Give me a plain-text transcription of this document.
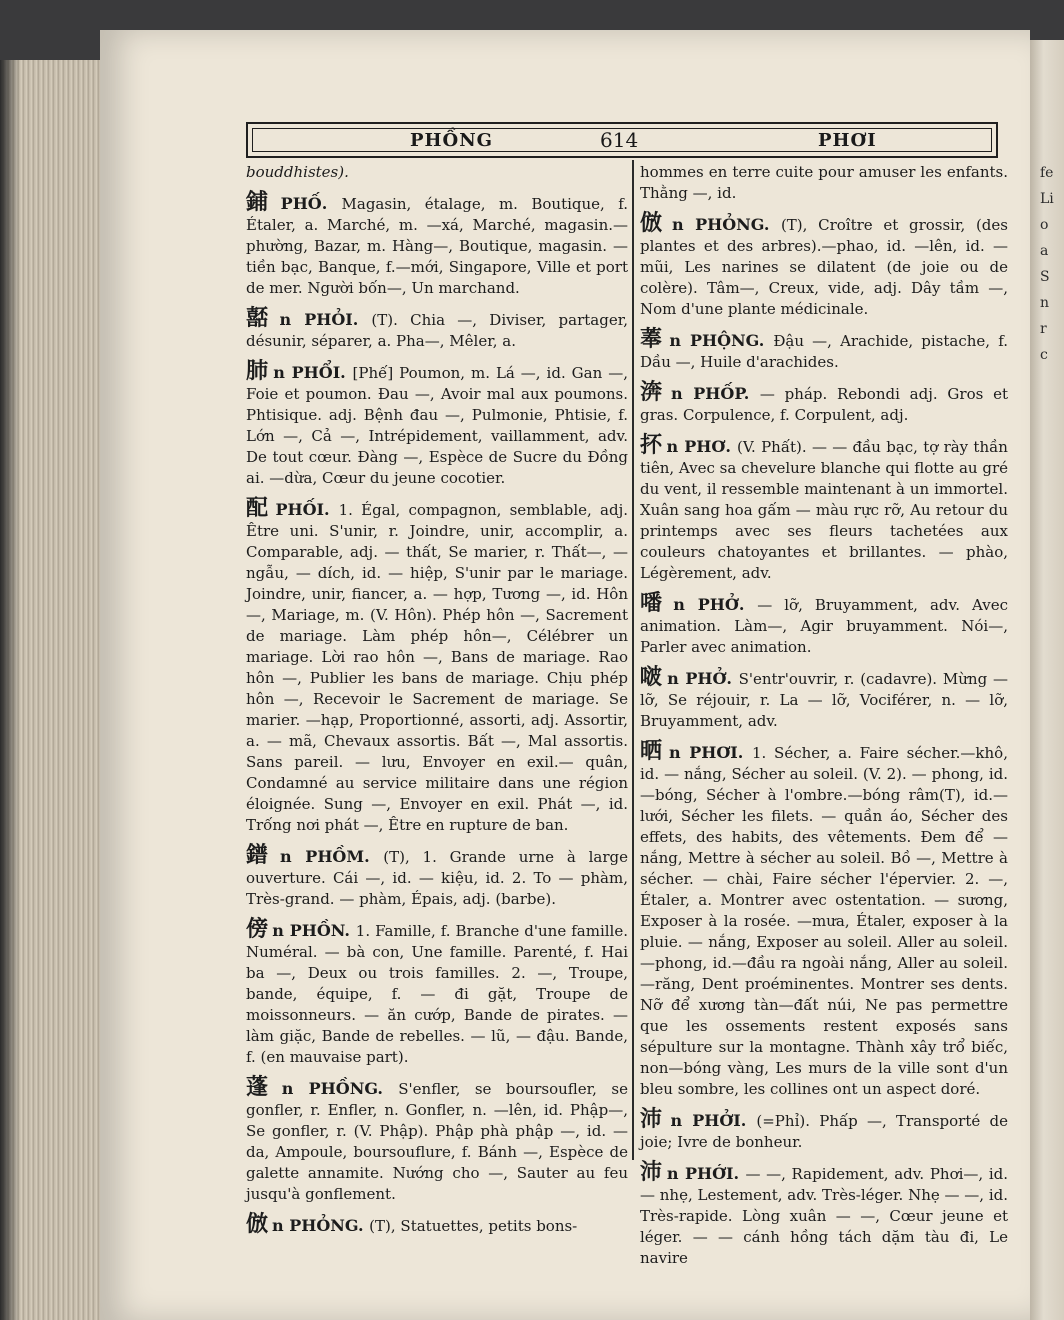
fe
Li
o
a
S
n
r
c
PHỒNG	614	PHƠI

bouddhistes).

鋪 PHỐ. Magasin, étalage, m. Boutique, f. Étaler, a. Marché, m. —xá, Marché, magasin.— phường, Bazar, m. Hàng—, Boutique, magasin. —tiền bạc, Banque, f.—mới, Singapore, Ville et port de mer. Người bốn—, Un marchand.

嚭 n PHỎI. (T). Chia —, Diviser, partager, désunir, séparer, a. Pha—, Mêler, a.

肺 n PHỔI. [Phế] Poumon, m. Lá —, id. Gan —, Foie et poumon. Đau —, Avoir mal aux poumons. Phtisique. adj. Bệnh đau —, Pulmonie, Phtisie, f. Lớn —, Cả —, Intrépidement, vaillamment, adv. De tout cœur. Đàng —, Espèce de Sucre du Đồng ai. —dừa, Cœur du jeune cocotier.

配 PHỐI. 1. Égal, compagnon, semblable, adj. Être uni. S'unir, r. Joindre, unir, accomplir, a. Comparable, adj. — thất, Se marier, r. Thất—, —ngẫu, — dích, id. — hiệp, S'unir par le mariage. Joindre, unir, fiancer, a. — hợp, Tương —, id. Hôn —, Mariage, m. (V. Hôn). Phép hôn —, Sacrement de mariage. Làm phép hôn—, Célébrer un mariage. Lời rao hôn —, Bans de mariage. Rao hôn —, Publier les bans de mariage. Chịu phép hôn —, Recevoir le Sacrement de mariage. Se marier. —hạp, Proportionné, assorti, adj. Assortir, a. — mã, Chevaux assortis. Bất —, Mal assortis. Sans pareil. — lưu, Envoyer en exil.— quân, Condamné au service militaire dans une région éloignée. Sung —, Envoyer en exil. Phát —, id. Trống nơi phát —, Être en rupture de ban.

鐠 n PHỒM. (T), 1. Grande urne à large ouverture. Cái —, id. — kiệu, id. 2. To — phàm, Très-grand. — phàm, Épais, adj. (barbe).

傍 n PHỒN. 1. Famille, f. Branche d'une famille. Numéral. — bà con, Une famille. Parenté, f. Hai ba —, Deux ou trois familles. 2. —, Troupe, bande, équipe, f. — đi gặt, Troupe de moissonneurs. — ăn cướp, Bande de pirates. — làm giặc, Bande de rebelles. — lũ, — đậu. Bande, f. (en mauvaise part).

蓬 n PHỒNG. S'enfler, se boursoufler, se gonfler, r. Enfler, n. Gonfler, n. —lên, id. Phập—, Se gonfler, r. (V. Phập). Phập phà phập —, id. — da, Ampoule, boursouflure, f. Bánh —, Espèce de galette annamite. Nướng cho —, Sauter au feu jusqu'à gonflement.

倣 n PHỎNG. (T), Statuettes, petits bons-

hommes en terre cuite pour amuser les enfants. Thằng —, id.

倣 n PHỎNG. (T), Croître et grossir, (des plantes et des arbres).—phao, id. —lên, id. —mũi, Les narines se dilatent (de joie ou de colère). Tâm—, Creux, vide, adj. Dây tầm —, Nom d'une plante médicinale.

菶 n PHỘNG. Đậu —, Arachide, pistache, f. Dầu —, Huile d'arachides.

渀 n PHỐP. — pháp. Rebondi adj. Gros et gras. Corpulence, f. Corpulent, adj.

抔 n PHƠ. (V. Phất). — — đầu bạc, tợ rày thần tiên, Avec sa chevelure blanche qui flotte au gré du vent, il ressemble maintenant à un immortel. Xuân sang hoa gấm — màu rực rỡ, Au retour du printemps avec ses fleurs tachetées aux couleurs chatoyantes et brillantes. — phào, Légèrement, adv.

噃 n PHỞ. — lỡ, Bruyamment, adv. Avec animation. Làm—, Agir bruyamment. Nói—, Parler avec animation.

啵 n PHỞ. S'entr'ouvrir, r. (cadavre). Mừng — lỡ, Se réjouir, r. La — lỡ, Vociférer, n. — lỡ, Bruyamment, adv.

晒 n PHƠI. 1. Sécher, a. Faire sécher.—khô, id. — nắng, Sécher au soleil. (V. 2). — phong, id. —bóng, Sécher à l'ombre.—bóng râm(T), id.—lưới, Sécher les filets. — quần áo, Sécher des effets, des habits, des vêtements. Đem để — nắng, Mettre à sécher au soleil. Bồ —, Mettre à sécher. — chài, Faire sécher l'épervier. 2. —, Étaler, a. Montrer avec ostentation. — sương, Exposer à la rosée. —mưa, Étaler, exposer à la pluie. — nắng, Exposer au soleil. Aller au soleil.—phong, id.—đầu ra ngoài nắng, Aller au soleil.—răng, Dent proéminentes. Montrer ses dents. Nỡ để xương tàn—đất núi, Ne pas permettre que les ossements restent exposés sans sépulture sur la montagne. Thành xây trổ biếc, non—bóng vàng, Les murs de la ville sont d'un bleu sombre, les collines ont un aspect doré.

沛 n PHỞI. (=Phỉ). Phấp —, Transporté de joie; Ivre de bonheur.

沛 n PHỚI. — —, Rapidement, adv. Phơi—, id. — nhẹ, Lestement, adv. Très-léger. Nhẹ — —, id. Très-rapide. Lòng xuân — —, Cœur jeune et léger. — — cánh hồng tách dặm tàu đi, Le navire
